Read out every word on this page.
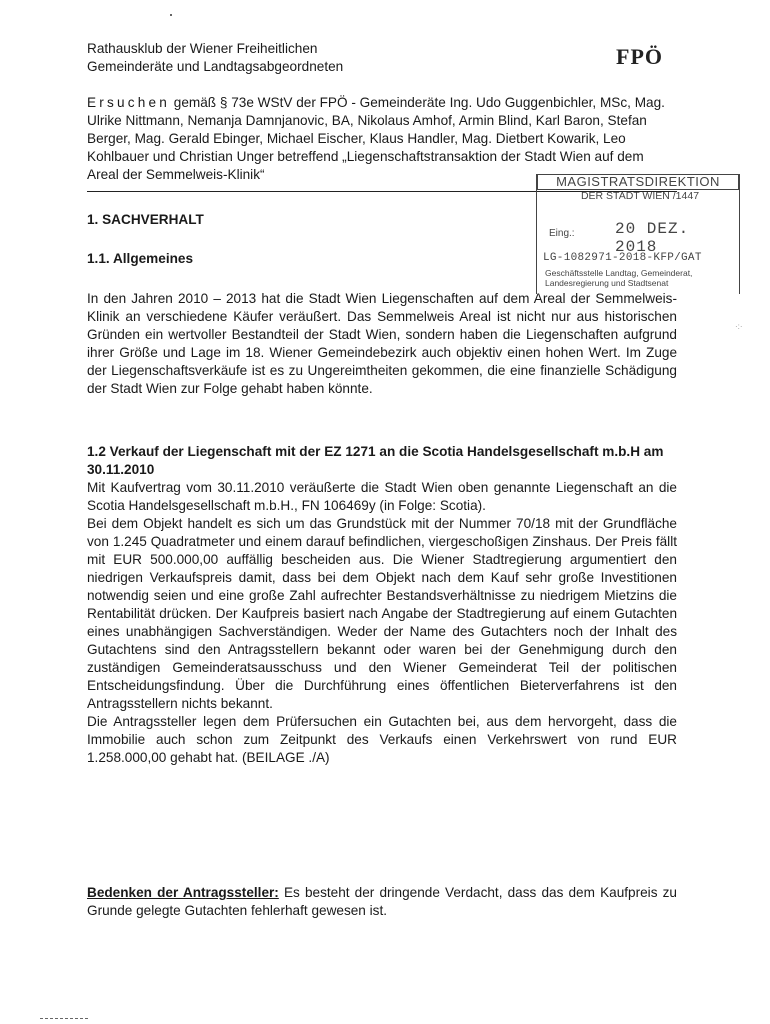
Rathausklub der Wiener Freiheitlichen
Gemeinderäte und Landtagsabgeordneten	FPÖ
Ersuchen gemäß § 73e WStV der FPÖ - Gemeinderäte Ing. Udo Guggenbichler, MSc, Mag. Ulrike Nittmann, Nemanja Damnjanovic, BA, Nikolaus Amhof, Armin Blind, Karl Baron, Stefan Berger, Mag. Gerald Ebinger, Michael Eischer, Klaus Handler, Mag. Dietbert Kowarik, Leo Kohlbauer und Christian Unger betreffend „Liegenschaftstransaktion der Stadt Wien auf dem Areal der Semmelweis-Klinik“	MAGISTRATSDIREKTION
DER STADT WIEN /1447
Eing.:	20 DEZ. 2018
LG-1082971-2018-KFP/GAT
Geschäftsstelle Landtag, Gemeinderat, Landesregierung und Stadtsenat
1. SACHVERHALT
1.1. Allgemeines
In den Jahren 2010 – 2013 hat die Stadt Wien Liegenschaften auf dem Areal der Semmelweis-Klinik an verschiedene Käufer veräußert. Das Semmelweis Areal ist nicht nur aus historischen Gründen ein wertvoller Bestandteil der Stadt Wien, sondern haben die Liegenschaften aufgrund ihrer Größe und Lage im 18. Wiener Gemeindebezirk auch objektiv einen hohen Wert. Im Zuge der Liegenschaftsverkäufe ist es zu Ungereimtheiten gekommen, die eine finanzielle Schädigung der Stadt Wien zur Folge gehabt haben könnte.
·:·
1.2 Verkauf der Liegenschaft mit der EZ 1271 an die Scotia Handelsgesellschaft m.b.H am 30.11.2010
Mit Kaufvertrag vom 30.11.2010 veräußerte die Stadt Wien oben genannte Liegenschaft an die Scotia Handelsgesellschaft m.b.H., FN 106469y (in Folge: Scotia).
Bei dem Objekt handelt es sich um das Grundstück mit der Nummer 70/18 mit der Grundfläche von 1.245 Quadratmeter und einem darauf befindlichen, viergeschoßigen Zinshaus. Der Preis fällt mit EUR 500.000,00 auffällig bescheiden aus. Die Wiener Stadtregierung argumentiert den niedrigen Verkaufspreis damit, dass bei dem Objekt nach dem Kauf sehr große Investitionen notwendig seien und eine große Zahl aufrechter Bestandsverhältnisse zu niedrigem Mietzins die Rentabilität drücken. Der Kaufpreis basiert nach Angabe der Stadtregierung auf einem Gutachten eines unabhängigen Sachverständigen. Weder der Name des Gutachters noch der Inhalt des Gutachtens sind den Antragsstellern bekannt oder waren bei der Genehmigung durch den zuständigen Gemeinderatsausschuss und den Wiener Gemeinderat Teil der politischen Entscheidungsfindung. Über die Durchführung eines öffentlichen Bieterverfahrens ist den Antragsstellern nichts bekannt.
Die Antragssteller legen dem Prüfersuchen ein Gutachten bei, aus dem hervorgeht, dass die Immobilie auch schon zum Zeitpunkt des Verkaufs einen Verkehrswert von rund EUR 1.258.000,00 gehabt hat. (BEILAGE ./A)
Bedenken der Antragssteller: Es besteht der dringende Verdacht, dass das dem Kaufpreis zu Grunde gelegte Gutachten fehlerhaft gewesen ist.
